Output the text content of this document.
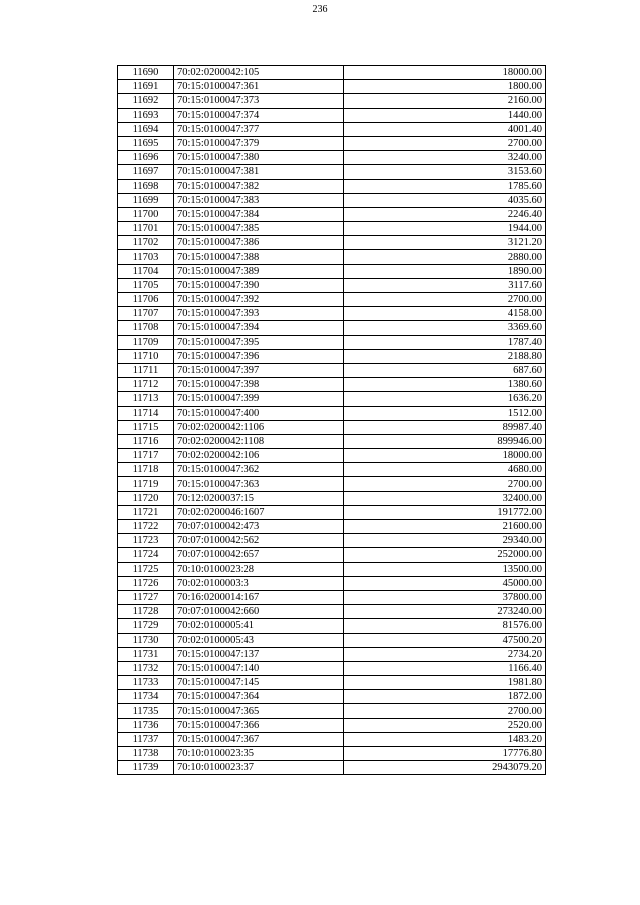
236
11690	70:02:0200042:105	18000.00
11691	70:15:0100047:361	1800.00
11692	70:15:0100047:373	2160.00
11693	70:15:0100047:374	1440.00
11694	70:15:0100047:377	4001.40
11695	70:15:0100047:379	2700.00
11696	70:15:0100047:380	3240.00
11697	70:15:0100047:381	3153.60
11698	70:15:0100047:382	1785.60
11699	70:15:0100047:383	4035.60
11700	70:15:0100047:384	2246.40
11701	70:15:0100047:385	1944.00
11702	70:15:0100047:386	3121.20
11703	70:15:0100047:388	2880.00
11704	70:15:0100047:389	1890.00
11705	70:15:0100047:390	3117.60
11706	70:15:0100047:392	2700.00
11707	70:15:0100047:393	4158.00
11708	70:15:0100047:394	3369.60
11709	70:15:0100047:395	1787.40
11710	70:15:0100047:396	2188.80
11711	70:15:0100047:397	687.60
11712	70:15:0100047:398	1380.60
11713	70:15:0100047:399	1636.20
11714	70:15:0100047:400	1512.00
11715	70:02:0200042:1106	89987.40
11716	70:02:0200042:1108	899946.00
11717	70:02:0200042:106	18000.00
11718	70:15:0100047:362	4680.00
11719	70:15:0100047:363	2700.00
11720	70:12:0200037:15	32400.00
11721	70:02:0200046:1607	191772.00
11722	70:07:0100042:473	21600.00
11723	70:07:0100042:562	29340.00
11724	70:07:0100042:657	252000.00
11725	70:10:0100023:28	13500.00
11726	70:02:0100003:3	45000.00
11727	70:16:0200014:167	37800.00
11728	70:07:0100042:660	273240.00
11729	70:02:0100005:41	81576.00
11730	70:02:0100005:43	47500.20
11731	70:15:0100047:137	2734.20
11732	70:15:0100047:140	1166.40
11733	70:15:0100047:145	1981.80
11734	70:15:0100047:364	1872.00
11735	70:15:0100047:365	2700.00
11736	70:15:0100047:366	2520.00
11737	70:15:0100047:367	1483.20
11738	70:10:0100023:35	17776.80
11739	70:10:0100023:37	2943079.20
